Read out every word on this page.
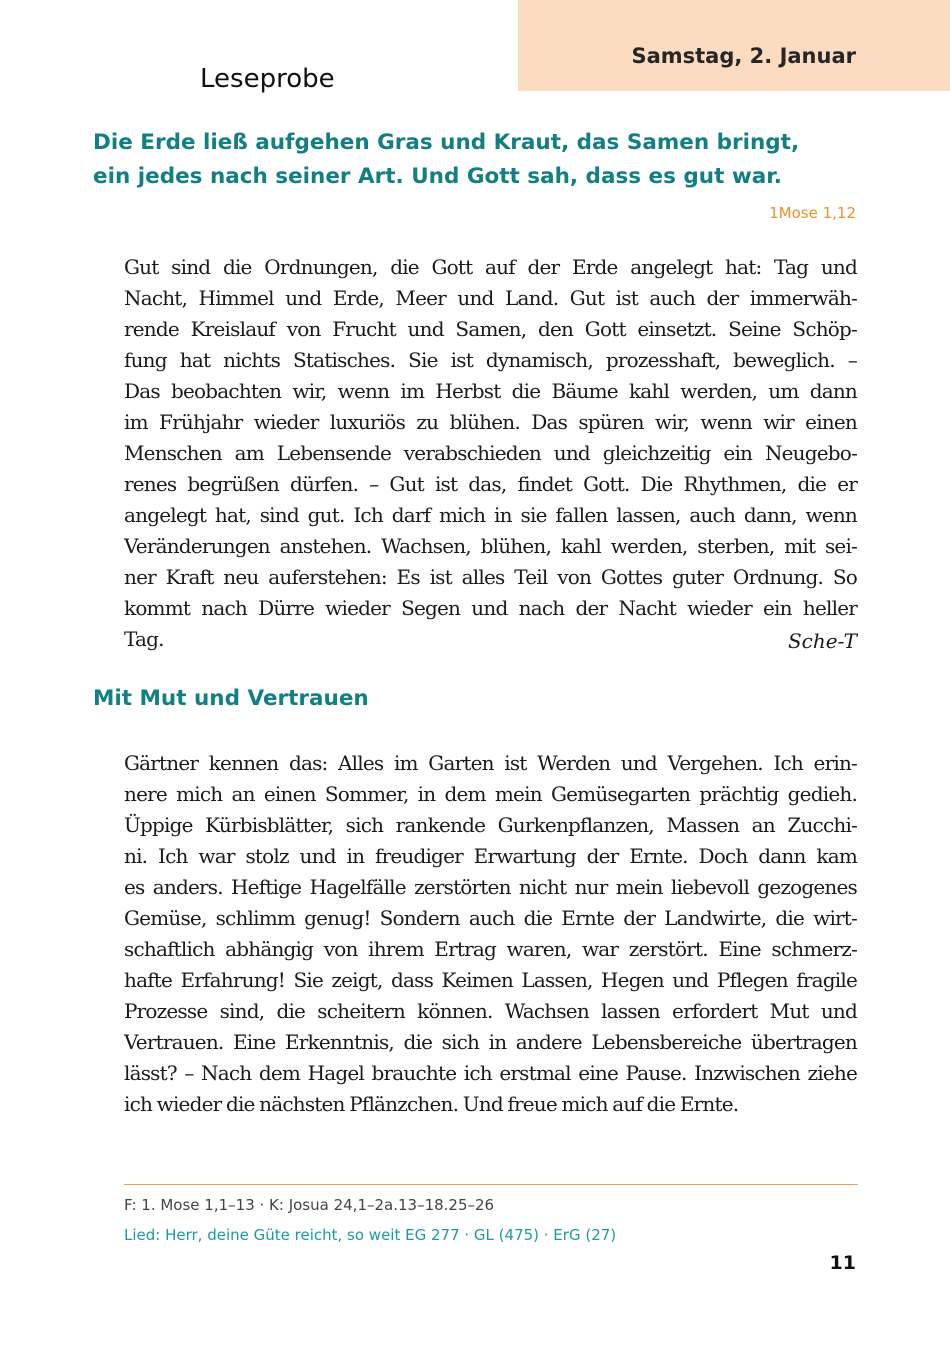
Samstag, 2. Januar
Leseprobe
Die Erde ließ aufgehen Gras und Kraut, das Samen bringt,
ein jedes nach seiner Art. Und Gott sah, dass es gut war.
1Mose 1,12
Gut sind die Ordnungen, die Gott auf der Erde angelegt hat: Tag und
Nacht, Himmel und Erde, Meer und Land. Gut ist auch der immerwäh-
rende Kreislauf von Frucht und Samen, den Gott einsetzt. Seine Schöp-
fung hat nichts Statisches. Sie ist dynamisch, prozesshaft, beweglich. –
Das beobachten wir, wenn im Herbst die Bäume kahl werden, um dann
im Frühjahr wieder luxuriös zu blühen. Das spüren wir, wenn wir einen
Menschen am Lebensende verabschieden und gleichzeitig ein Neugebo-
renes begrüßen dürfen. – Gut ist das, findet Gott. Die Rhythmen, die er
angelegt hat, sind gut. Ich darf mich in sie fallen lassen, auch dann, wenn
Veränderungen anstehen. Wachsen, blühen, kahl werden, sterben, mit sei-
ner Kraft neu auferstehen: Es ist alles Teil von Gottes guter Ordnung. So
kommt nach Dürre wieder Segen und nach der Nacht wieder ein heller
Tag.	Sche-T
Mit Mut und Vertrauen
Gärtner kennen das: Alles im Garten ist Werden und Vergehen. Ich erin-
nere mich an einen Sommer, in dem mein Gemüsegarten prächtig gedieh.
Üppige Kürbisblätter, sich rankende Gurkenpflanzen, Massen an Zucchi-
ni. Ich war stolz und in freudiger Erwartung der Ernte. Doch dann kam
es anders. Heftige Hagelfälle zerstörten nicht nur mein liebevoll gezogenes
Gemüse, schlimm genug! Sondern auch die Ernte der Landwirte, die wirt-
schaftlich abhängig von ihrem Ertrag waren, war zerstört. Eine schmerz-
hafte Erfahrung! Sie zeigt, dass Keimen Lassen, Hegen und Pflegen fragile
Prozesse sind, die scheitern können. Wachsen lassen erfordert Mut und
Vertrauen. Eine Erkenntnis, die sich in andere Lebensbereiche übertragen
lässt? – Nach dem Hagel brauchte ich erstmal eine Pause. Inzwischen ziehe
ich wieder die nächsten Pflänzchen. Und freue mich auf die Ernte.
F: 1. Mose 1,1–13 · K: Josua 24,1–2a.13–18.25–26
Lied: Herr, deine Güte reicht, so weit EG 277 · GL (475) · ErG (27)
11
